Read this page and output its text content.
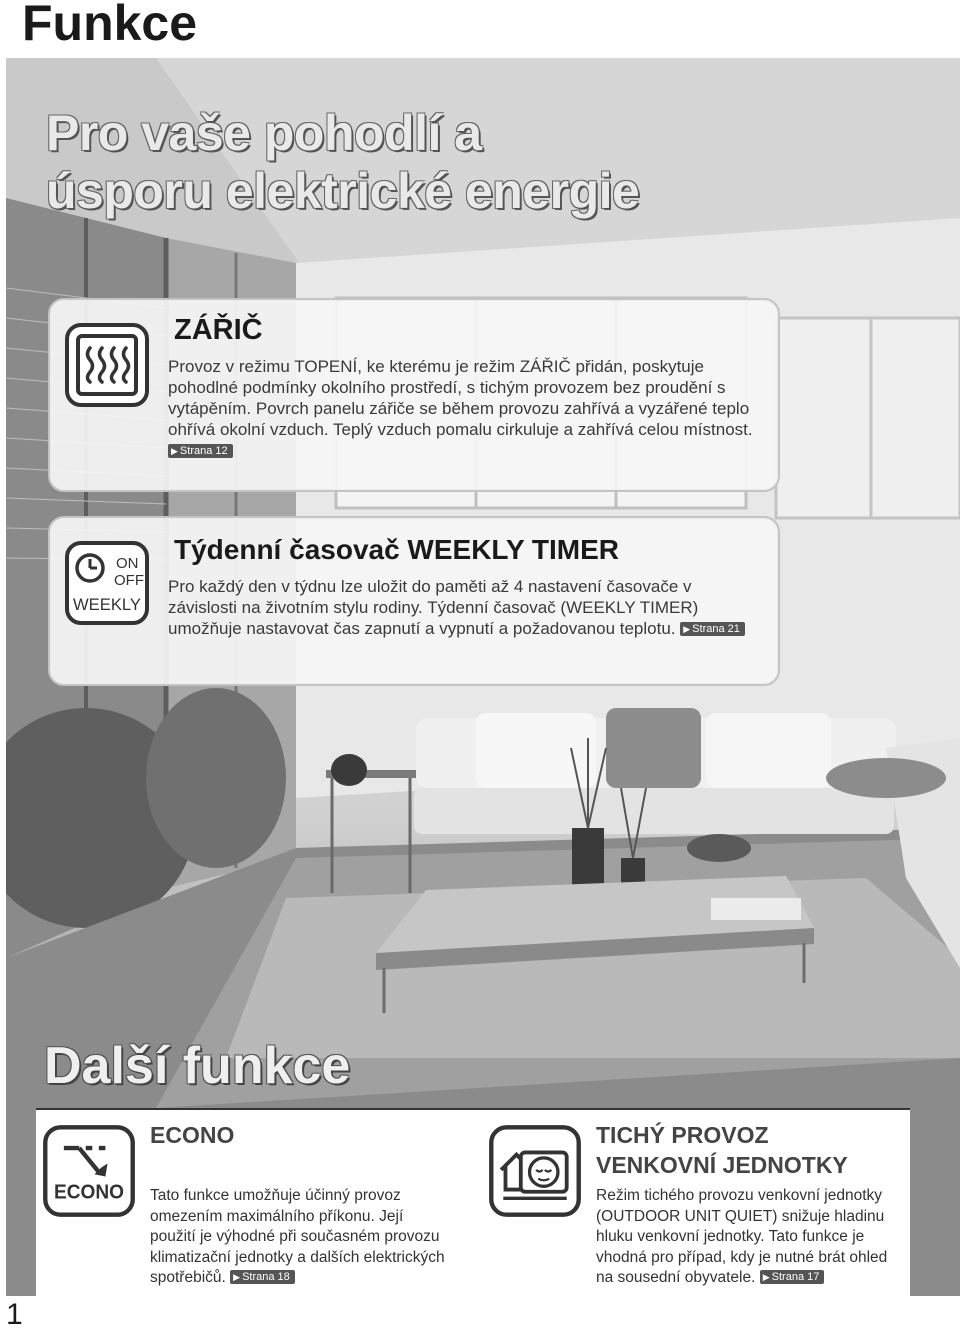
Funkce
Pro vaše pohodlí a
úsporu elektrické energie
ZÁŘIČ

Provoz v režimu TOPENÍ, ke kterému je režim ZÁŘIČ přidán, poskytuje pohodlné podmínky okolního prostředí, s tichým provozem bez proudění s vytápěním. Povrch panelu zářiče se během provozu zahřívá a vyzářené teplo ohřívá okolní vzduch. Teplý vzduch pomalu cirkuluje a zahřívá celou místnost. ▶ Strana 12

ON
OFF
WEEKLY
Týdenní časovač WEEKLY TIMER

Pro každý den v týdnu lze uložit do paměti až 4 nastavení časovače v závislosti na životním stylu rodiny. Týdenní časovač (WEEKLY TIMER) umožňuje nastavovat čas zapnutí a vypnutí a požadovanou teplotu. ▶ Strana 21

Další funkce
ECONO
ECONO

Tato funkce umožňuje účinný provoz omezením maximálního příkonu. Její použití je výhodné při současném provozu klimatizační jednotky a dalších elektrických spotřebičů. ▶ Strana 18

TICHÝ PROVOZ
VENKOVNÍ JEDNOTKY

Režim tichého provozu venkovní jednotky (OUTDOOR UNIT QUIET) snižuje hladinu hluku venkovní jednotky. Tato funkce je vhodná pro případ, kdy je nutné brát ohled na sousední obyvatele. ▶ Strana 17

1
